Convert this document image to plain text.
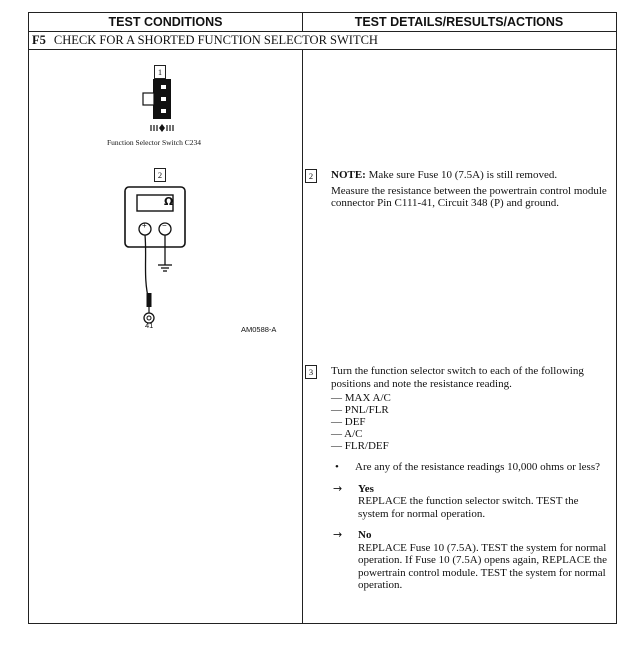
TEST CONDITIONS	TEST DETAILS/RESULTS/ACTIONS
F5 CHECK FOR A SHORTED FUNCTION SELECTOR SWITCH
1
Function Selector Switch C234
2
Ω
+ −
41	AM0588-A
2	NOTE: Make sure Fuse 10 (7.5A) is still removed.

Measure the resistance between the powertrain control module connector Pin C111-41, Circuit 348 (P) and ground.

3	Turn the function selector switch to each of the following positions and note the resistance reading.

— MAX A/C
— PNL/FLR
— DEF
— A/C
— FLR/DEF
• Are any of the resistance readings 10,000 ohms or less?
→ Yes
REPLACE the function selector switch. TEST the system for normal operation.
→ No
REPLACE Fuse 10 (7.5A). TEST the system for normal operation. If Fuse 10 (7.5A) opens again, REPLACE the powertrain control module. TEST the system for normal operation.
